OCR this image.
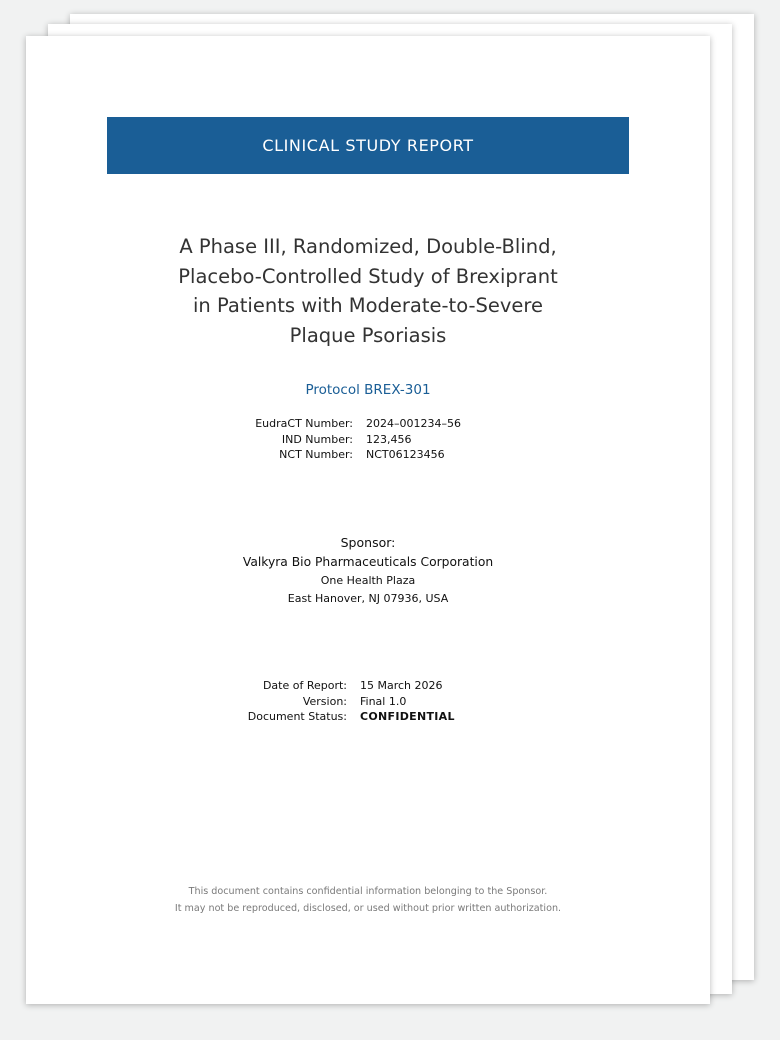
CLINICAL STUDY REPORT
A Phase III, Randomized, Double-Blind,
Placebo-Controlled Study of Brexiprant
in Patients with Moderate-to-Severe
Plaque Psoriasis
Protocol BREX-301
EudraCT Number:	2024–001234–56
IND Number:	123,456
NCT Number:	NCT06123456
Sponsor:
Valkyra Bio Pharmaceuticals Corporation
One Health Plaza
East Hanover, NJ 07936, USA
Date of Report:	15 March 2026
Version:	Final 1.0
Document Status:	CONFIDENTIAL
This document contains confidential information belonging to the Sponsor.
It may not be reproduced, disclosed, or used without prior written authorization.
